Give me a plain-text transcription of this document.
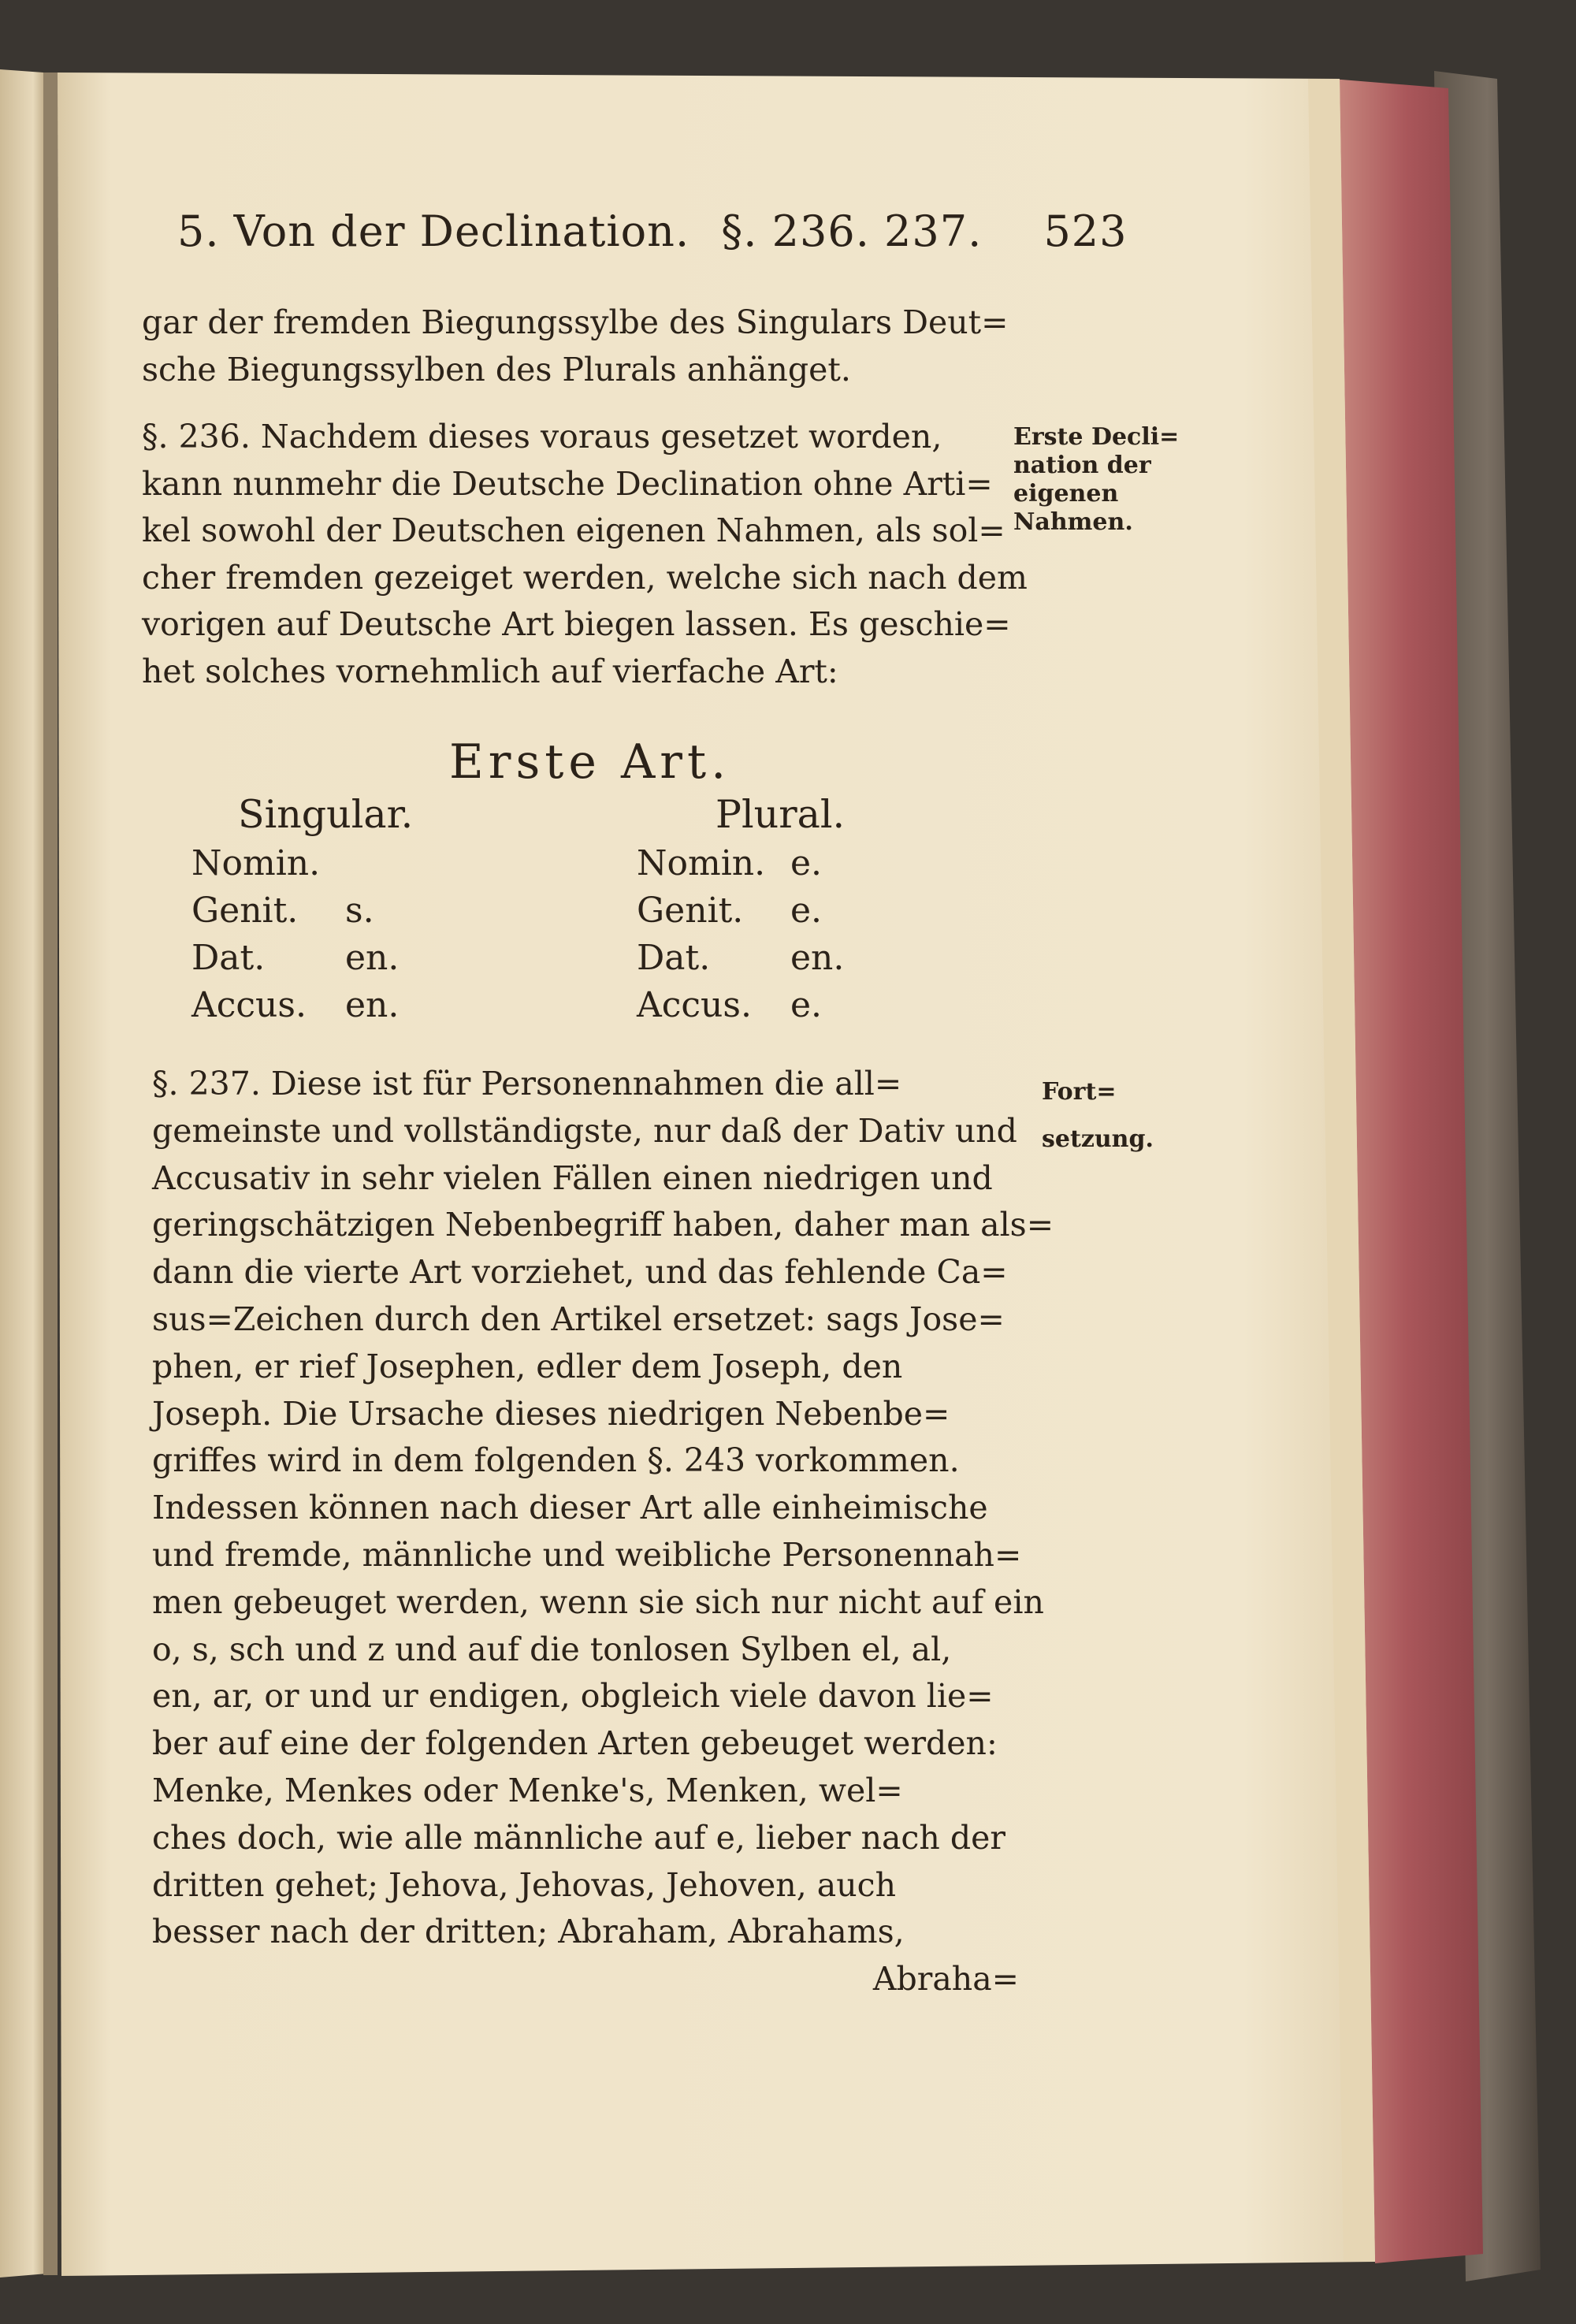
5. Von der Declination. §. 236. 237. 523
gar der fremden Biegungssylbe des Singulars Deut=
sche Biegungssylben des Plurals anhänget.
§. 236. Nachdem dieses voraus gesetzet worden,
kann nunmehr die Deutsche Declination ohne Arti=
kel sowohl der Deutschen eigenen Nahmen, als sol=
cher fremden gezeiget werden, welche sich nach dem
vorigen auf Deutsche Art biegen lassen. Es geschie=
het solches vornehmlich auf vierfache Art:
Erste Decli=
nation der
eigenen
Nahmen.
Erste Art.
Singular.	Plural.
Nomin.
Genit. s.
Dat. en.
Accus. en.
Nomin. e.
Genit. e.
Dat. en.
Accus. e.
§. 237. Diese ist für Personennahmen die all=
gemeinste und vollständigste, nur daß der Dativ und
Accusativ in sehr vielen Fällen einen niedrigen und
geringschätzigen Nebenbegriff haben, daher man als=
dann die vierte Art vorziehet, und das fehlende Ca=
sus=Zeichen durch den Artikel ersetzet: sags Jose=
phen, er rief Josephen, edler dem Joseph, den
Joseph. Die Ursache dieses niedrigen Nebenbe=
griffes wird in dem folgenden §. 243 vorkommen.
Indessen können nach dieser Art alle einheimische
und fremde, männliche und weibliche Personennah=
men gebeuget werden, wenn sie sich nur nicht auf ein
o, s, sch und z und auf die tonlosen Sylben el, al,
en, ar, or und ur endigen, obgleich viele davon lie=
ber auf eine der folgenden Arten gebeuget werden:
Menke, Menkes oder Menke's, Menken, wel=
ches doch, wie alle männliche auf e, lieber nach der
dritten gehet; Jehova, Jehovas, Jehoven, auch
besser nach der dritten; Abraham, Abrahams,
Abraha=
Fort=
setzung.
